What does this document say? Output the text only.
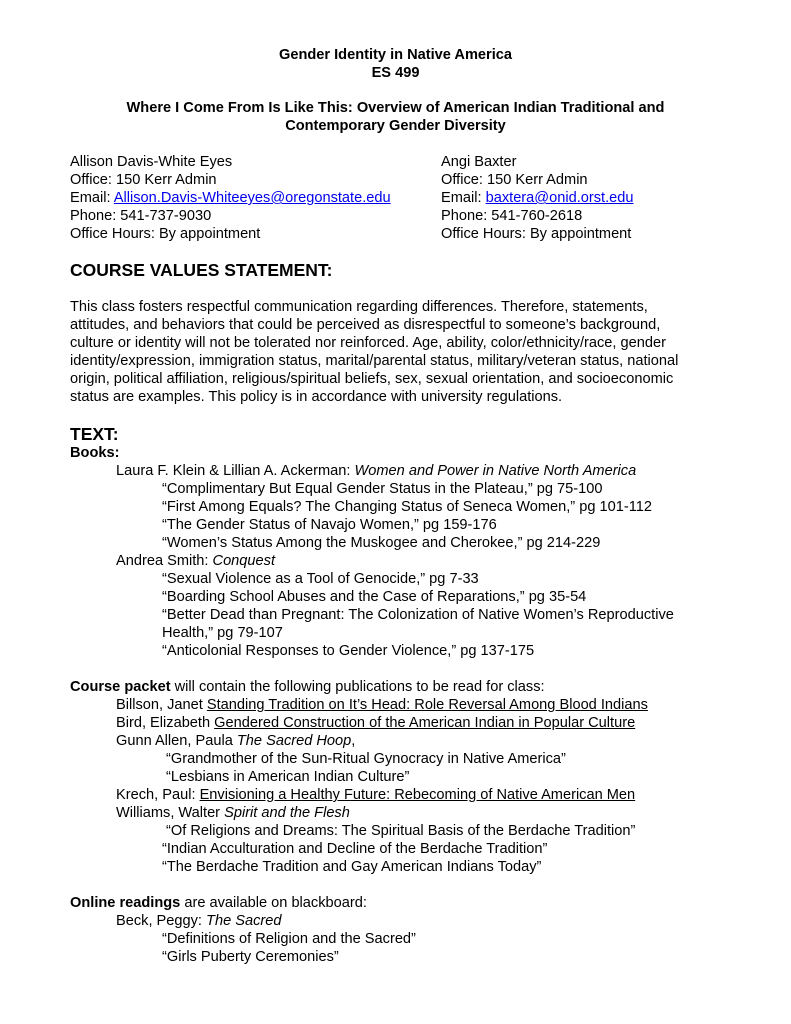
Gender Identity in Native America
ES 499
Where I Come From Is Like This: Overview of American Indian Traditional and
Contemporary Gender Diversity
Allison Davis-White Eyes
Office: 150 Kerr Admin
Email: Allison.Davis-Whiteeyes@oregonstate.edu
Phone: 541-737-9030
Office Hours: By appointment
Angi Baxter
Office: 150 Kerr Admin
Email: baxtera@onid.orst.edu
Phone: 541-760-2618
Office Hours: By appointment
COURSE VALUES STATEMENT:
This class fosters respectful communication regarding differences. Therefore, statements,
attitudes, and behaviors that could be perceived as disrespectful to someone’s background,
culture or identity will not be tolerated nor reinforced. Age, ability, color/ethnicity/race, gender
identity/expression, immigration status, marital/parental status, military/veteran status, national
origin, political affiliation, religious/spiritual beliefs, sex, sexual orientation, and socioeconomic
status are examples. This policy is in accordance with university regulations.
TEXT:
Books:
Laura F. Klein & Lillian A. Ackerman: Women and Power in Native North America
“Complimentary But Equal Gender Status in the Plateau,” pg 75-100
“First Among Equals? The Changing Status of Seneca Women,” pg 101-112
“The Gender Status of Navajo Women,” pg 159-176
“Women’s Status Among the Muskogee and Cherokee,” pg 214-229
Andrea Smith: Conquest
“Sexual Violence as a Tool of Genocide,” pg 7-33
“Boarding School Abuses and the Case of Reparations,” pg 35-54
“Better Dead than Pregnant: The Colonization of Native Women’s Reproductive
Health,” pg 79-107
“Anticolonial Responses to Gender Violence,” pg 137-175
Course packet will contain the following publications to be read for class:
Billson, Janet Standing Tradition on It’s Head: Role Reversal Among Blood Indians
Bird, Elizabeth Gendered Construction of the American Indian in Popular Culture
Gunn Allen, Paula The Sacred Hoop,
“Grandmother of the Sun-Ritual Gynocracy in Native America”
“Lesbians in American Indian Culture”
Krech, Paul: Envisioning a Healthy Future: Rebecoming of Native American Men
Williams, Walter Spirit and the Flesh
“Of Religions and Dreams: The Spiritual Basis of the Berdache Tradition”
“Indian Acculturation and Decline of the Berdache Tradition”
“The Berdache Tradition and Gay American Indians Today”
Online readings are available on blackboard:
Beck, Peggy: The Sacred
“Definitions of Religion and the Sacred”
“Girls Puberty Ceremonies”
